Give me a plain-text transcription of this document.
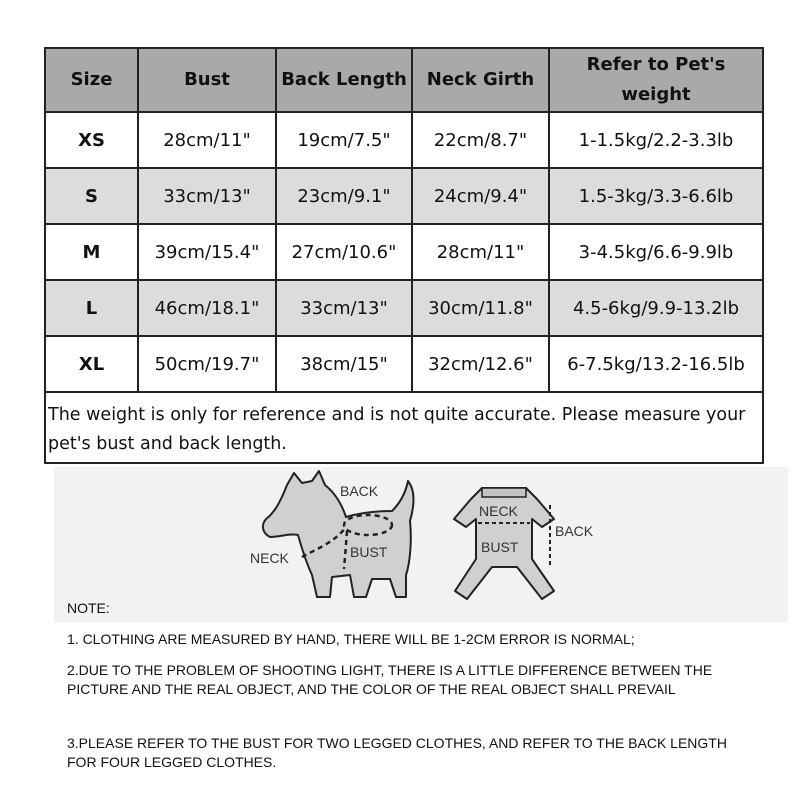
Size	Bust	Back Length	Neck Girth	Refer to Pet's weight
XS	28cm/11"	19cm/7.5"	22cm/8.7"	1-1.5kg/2.2-3.3lb
S	33cm/13"	23cm/9.1"	24cm/9.4"	1.5-3kg/3.3-6.6lb
M	39cm/15.4"	27cm/10.6"	28cm/11"	3-4.5kg/6.6-9.9lb
L	46cm/18.1"	33cm/13"	30cm/11.8"	4.5-6kg/9.9-13.2lb
XL	50cm/19.7"	38cm/15"	32cm/12.6"	6-7.5kg/13.2-16.5lb
The weight is only for reference and is not quite accurate. Please measure your pet's bust and back length.				
BACK
NECK	BUST
NECK
BUST
BACK
NOTE:
1. CLOTHING ARE MEASURED BY HAND, THERE WILL BE 1-2CM ERROR IS NORMAL;
2.DUE TO THE PROBLEM OF SHOOTING LIGHT, THERE IS A LITTLE DIFFERENCE BETWEEN THE PICTURE AND THE REAL OBJECT, AND THE COLOR OF THE REAL OBJECT SHALL PREVAIL
3.PLEASE REFER TO THE BUST FOR TWO LEGGED CLOTHES, AND REFER TO THE BACK LENGTH FOR FOUR LEGGED CLOTHES.
